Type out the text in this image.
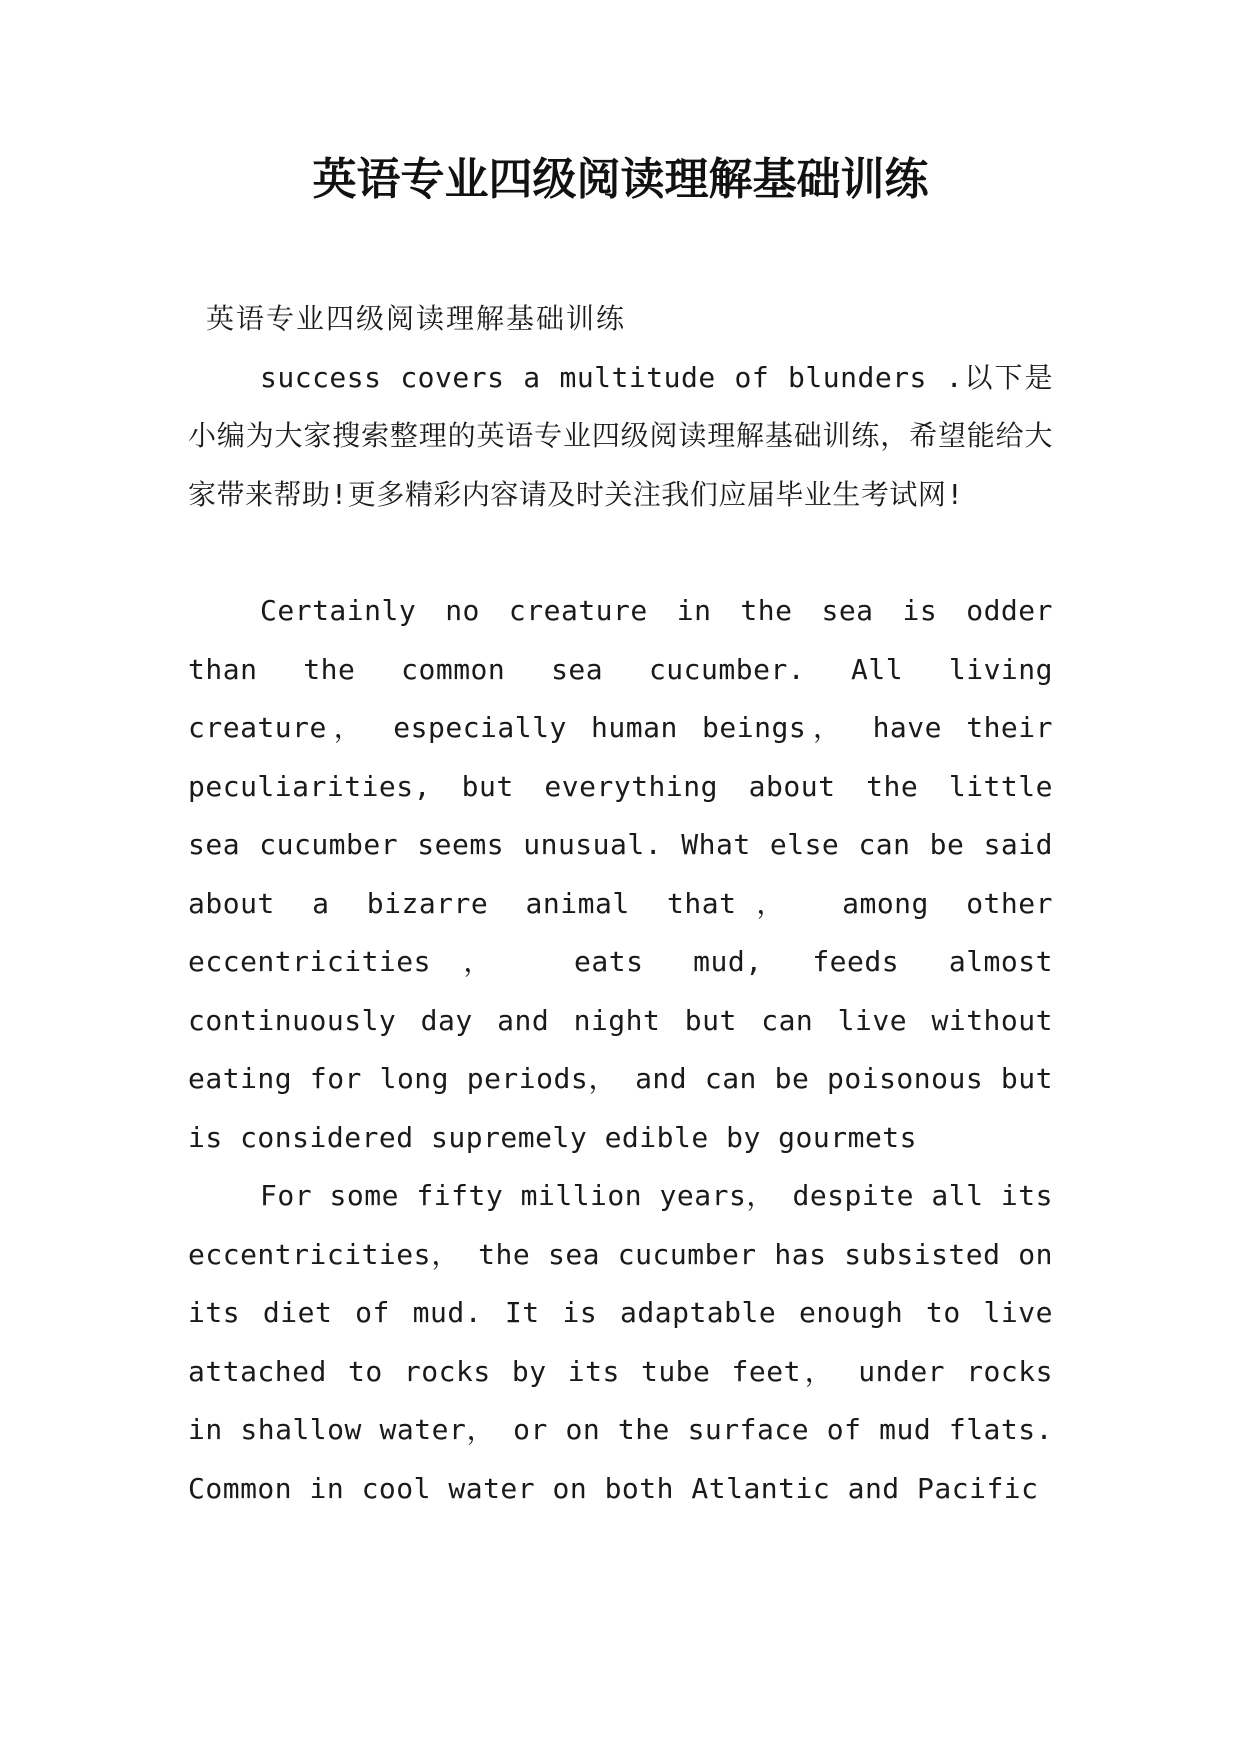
英语专业四级阅读理解基础训练

英语专业四级阅读理解基础训练

success covers a multitude of blunders .以下是小编为大家搜索整理的英语专业四级阅读理解基础训练，希望能给大家带来帮助!更多精彩内容请及时关注我们应届毕业生考试网!

Certainly no creature in the sea is odder than the common sea cucumber. All living creature， especially human beings， have their peculiarities, but everything about the little sea cucumber seems unusual. What else can be said about a bizarre animal that， among other eccentricities， eats mud, feeds almost continuously day and night but can live without eating for long periods， and can be poisonous but is considered supremely edible by gourmets

For some fifty million years， despite all its eccentricities， the sea cucumber has subsisted on its diet of mud. It is adaptable enough to live attached to rocks by its tube feet， under rocks in shallow water， or on the surface of mud flats. Common in cool water on both Atlantic and Pacific
